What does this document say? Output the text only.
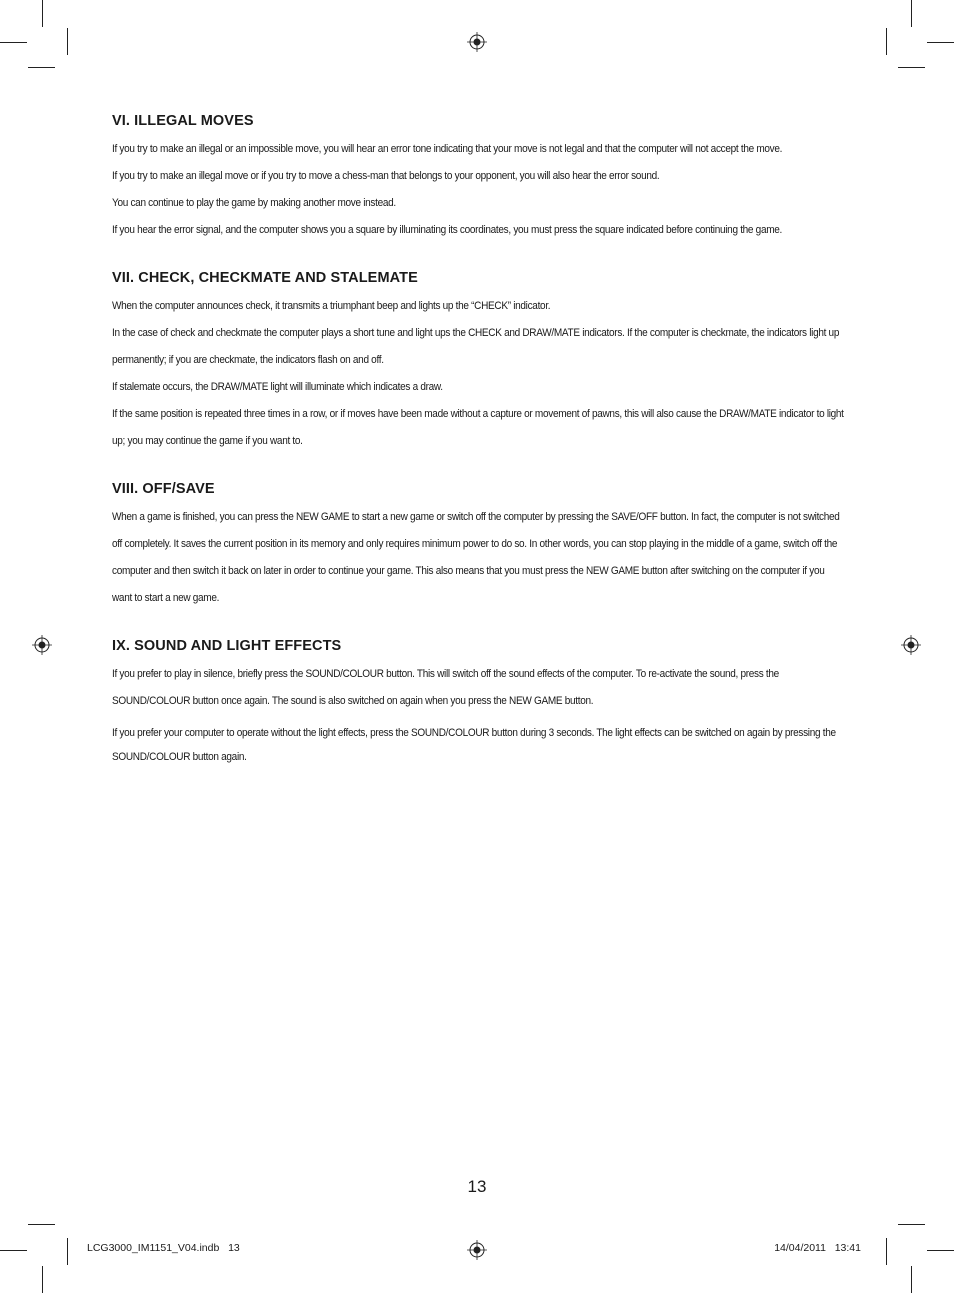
VI. ILLEGAL MOVES

If you try to make an illegal or an impossible move, you will hear an error tone indicating that your move is not legal and that the computer will not accept the move.

If you try to make an illegal move or if you try to move a chess-man that belongs to your opponent, you will also hear the error sound.

You can continue to play the game by making another move instead.

If you hear the error signal, and the computer shows you a square by illuminating its coordinates, you must press the square indicated before continuing the game.

VII. CHECK, CHECKMATE AND STALEMATE

When the computer announces check, it transmits a triumphant beep and lights up the “CHECK” indicator.

In the case of check and checkmate the computer plays a short tune and light ups the CHECK and DRAW/MATE indicators. If the computer is checkmate, the indicators light up permanently; if you are checkmate, the indicators flash on and off.

If stalemate occurs, the DRAW/MATE light will illuminate which indicates a draw.

If the same position is repeated three times in a row, or if moves have been made without a capture or movement of pawns, this will also cause the DRAW/MATE indicator to light up; you may continue the game if you want to.

VIII. OFF/SAVE

When a game is finished, you can press the NEW GAME to start a new game or switch off the computer by pressing the SAVE/OFF button. In fact, the computer is not switched off completely. It saves the current position in its memory and only requires minimum power to do so. In other words, you can stop playing in the middle of a game, switch off the computer and then switch it back on later in order to continue your game. This also means that you must press the NEW GAME button after switching on the computer if you want to start a new game.

IX. SOUND AND LIGHT EFFECTS

If you prefer to play in silence, briefly press the SOUND/COLOUR button. This will switch off the sound effects of the computer. To re-activate the sound, press the SOUND/COLOUR button once again. The sound is also switched on again when you press the NEW GAME button.

If you prefer your computer to operate without the light effects, press the SOUND/COLOUR button during 3 seconds. The light effects can be switched on again by pressing the SOUND/COLOUR button again.

13
LCG3000_IM1151_V04.indb   13	14/04/2011   13:41
